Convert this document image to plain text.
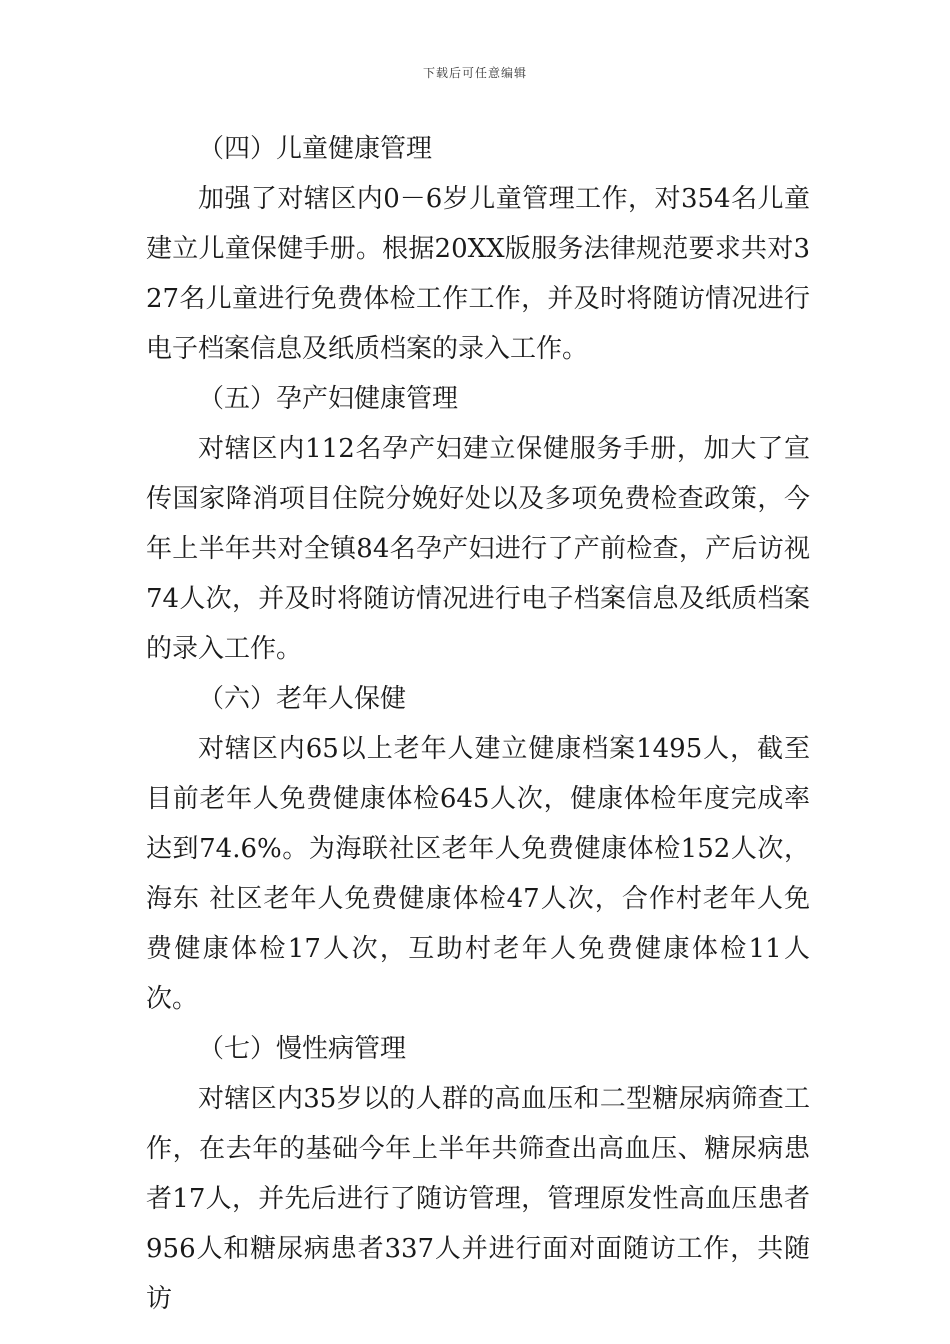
下载后可任意编辑

（四）儿童健康管理

加强了对辖区内0－6岁儿童管理工作，对354名儿童建立儿童保健手册。根据20XX版服务法律规范要求共对327名儿童进行免费体检工作工作，并及时将随访情况进行电子档案信息及纸质档案的录入工作。

（五）孕产妇健康管理

对辖区内112名孕产妇建立保健服务手册，加大了宣传国家降消项目住院分娩好处以及多项免费检查政策，今年上半年共对全镇84名孕产妇进行了产前检查，产后访视74人次，并及时将随访情况进行电子档案信息及纸质档案的录入工作。

（六）老年人保健

对辖区内65以上老年人建立健康档案1495人，截至目前老年人免费健康体检645人次，健康体检年度完成率达到74.6%。为海联社区老年人免费健康体检152人次，海东 社区老年人免费健康体检47人次，合作村老年人免费健康体检17人次，互助村老年人免费健康体检11人次。

（七）慢性病管理

对辖区内35岁以的人群的高血压和二型糖尿病筛查工作，在去年的基础今年上半年共筛查出高血压、糖尿病患者17人，并先后进行了随访管理，管理原发性高血压患者956人和糖尿病患者337人并进行面对面随访工作，共随访
